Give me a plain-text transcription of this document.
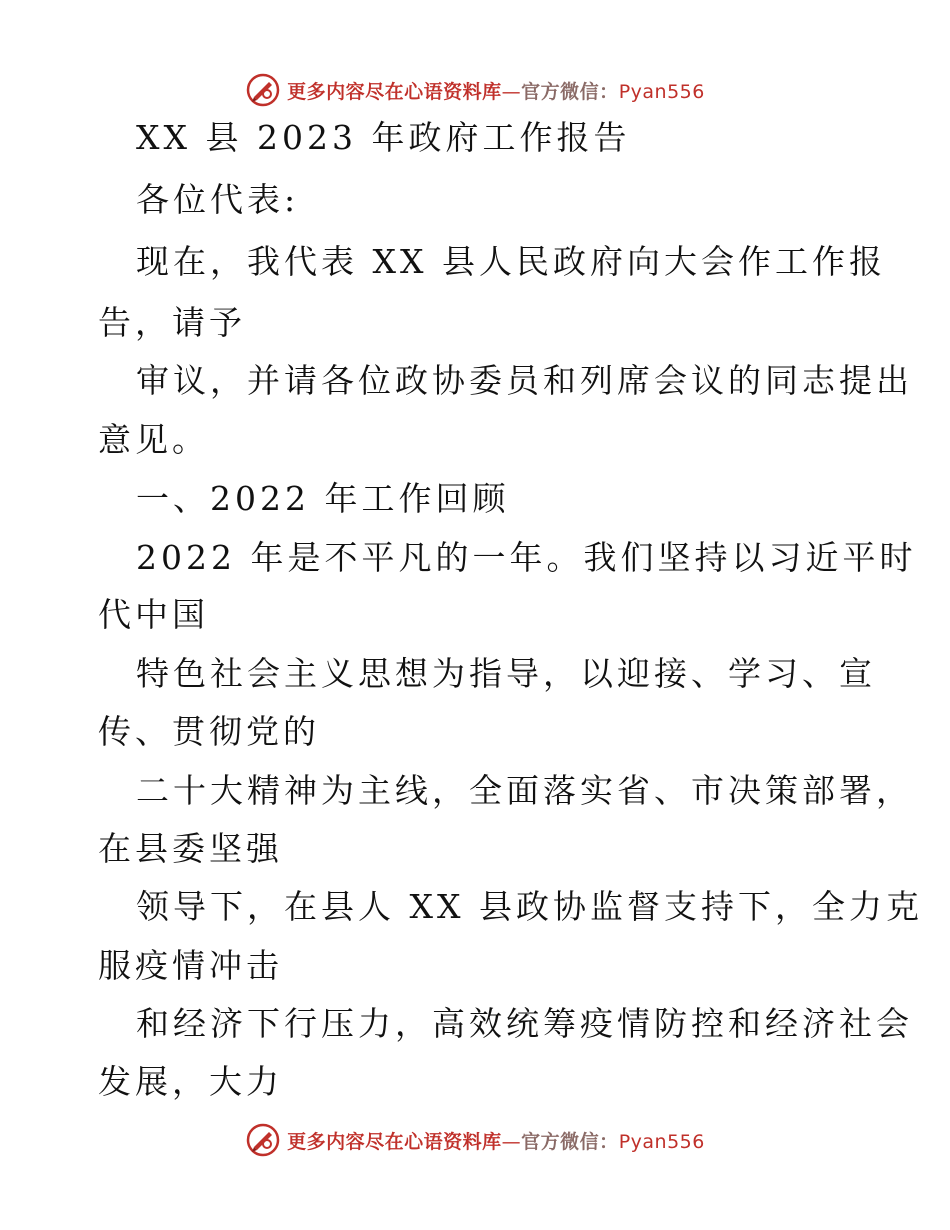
更多内容尽在心语资料库—官方微信：Pyan556
XX 县 2023 年政府工作报告
各位代表:
现在，我代表 XX 县人民政府向大会作工作报
告，请予
审议，并请各位政协委员和列席会议的同志提出
意见。
一、2022 年工作回顾
2022 年是不平凡的一年。我们坚持以习近平时
代中国
特色社会主义思想为指导，以迎接、学习、宣
传、贯彻党的
二十大精神为主线，全面落实省、市决策部署，
在县委坚强
领导下，在县人 XX 县政协监督支持下，全力克
服疫情冲击
和经济下行压力，高效统筹疫情防控和经济社会
发展，大力
更多内容尽在心语资料库—官方微信：Pyan556
